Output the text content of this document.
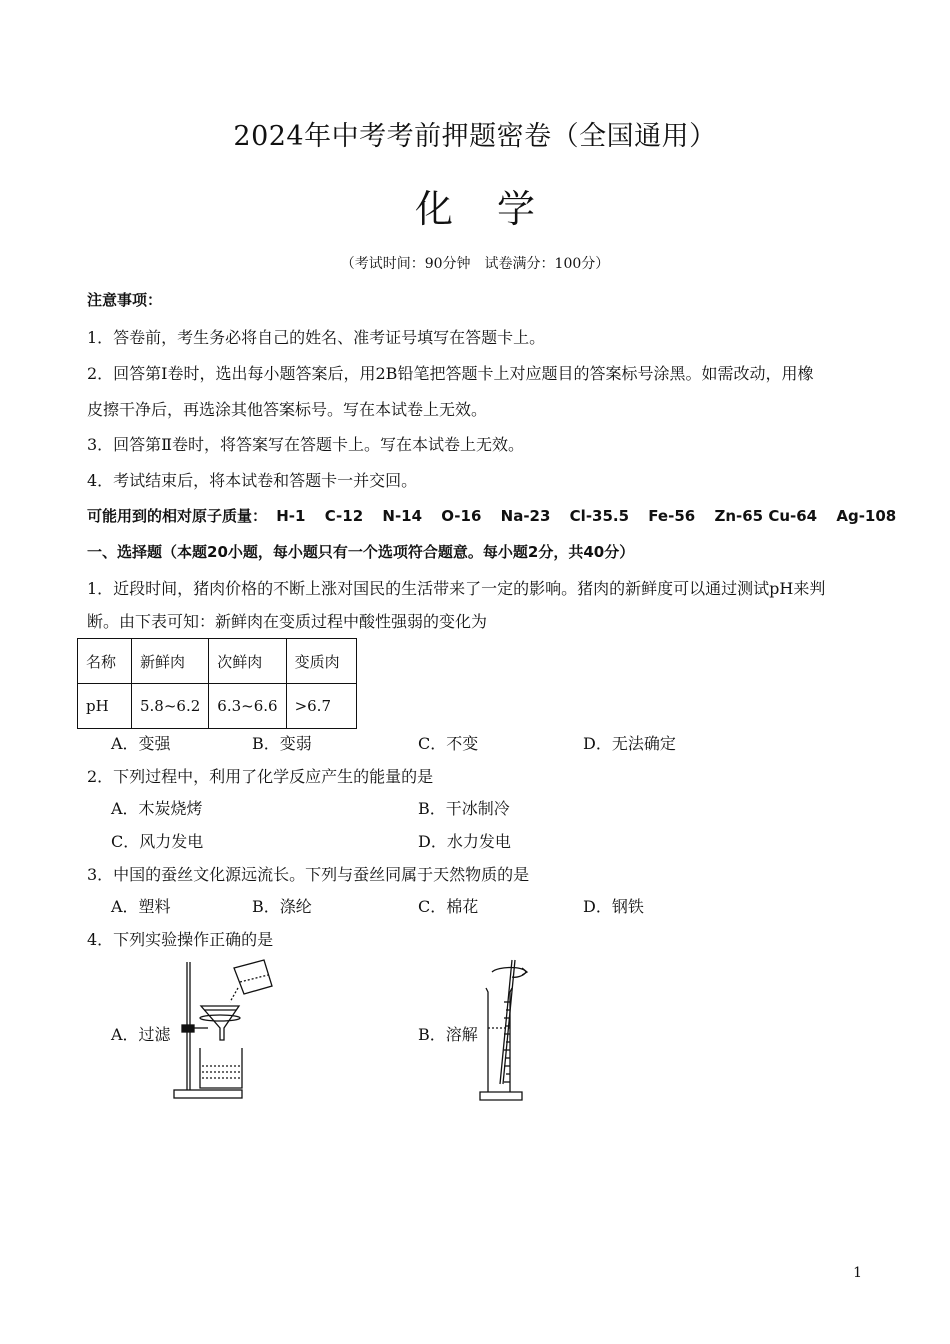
2024年中考考前押题密卷（全国通用）
化学
（考试时间：90分钟　试卷满分：100分）
注意事项：
1．答卷前，考生务必将自己的姓名、准考证号填写在答题卡上。
2．回答第Ⅰ卷时，选出每小题答案后，用2B铅笔把答题卡上对应题目的答案标号涂黑。如需改动，用橡
皮擦干净后，再选涂其他答案标号。写在本试卷上无效。
3．回答第Ⅱ卷时，将答案写在答题卡上。写在本试卷上无效。
4．考试结束后，将本试卷和答题卡一并交回。
可能用到的相对原子质量： H-1 C-12 N-14 O-16 Na-23 Cl-35.5 Fe-56 Zn-65 Cu-64 Ag-108
一、选择题（本题20小题，每小题只有一个选项符合题意。每小题2分，共40分）
1．近段时间，猪肉价格的不断上涨对国民的生活带来了一定的影响。猪肉的新鲜度可以通过测试pH来判
断。由下表可知：新鲜肉在变质过程中酸性强弱的变化为
名称	新鲜肉	次鲜肉	变质肉
pH	5.8~6.2	6.3~6.6	>6.7
A．变强	B．变弱	C．不变	D．无法确定
2．下列过程中，利用了化学反应产生的能量的是
A．木炭烧烤	B．干冰制冷
C．风力发电	D．水力发电
3．中国的蚕丝文化源远流长。下列与蚕丝同属于天然物质的是
A．塑料	B．涤纶	C．棉花	D．钢铁
4．下列实验操作正确的是
A．过滤	B．溶解
1
